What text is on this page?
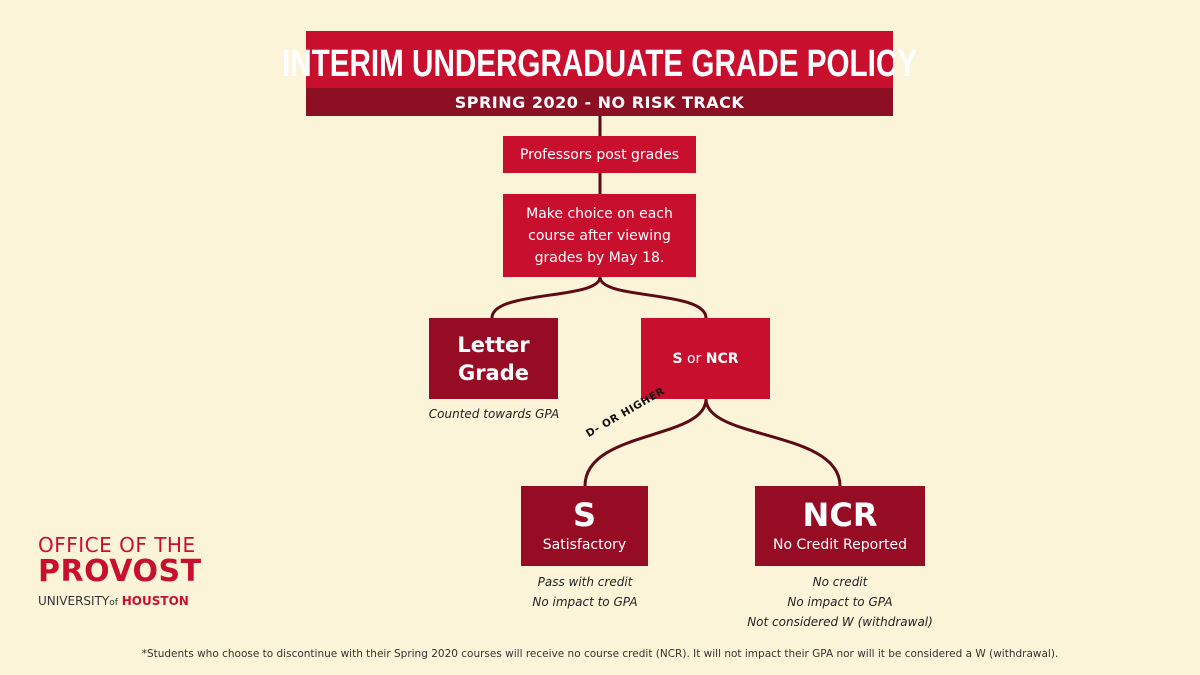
INTERIM UNDERGRADUATE GRADE POLICY
SPRING 2020 - NO RISK TRACK
Professors post grades
Make choice on each course after viewing grades by May 18.
Letter
Grade
Counted towards GPA
S or NCR
D- OR HIGHER
S
Satisfactory
Pass with credit
No impact to GPA
NCR
No Credit Reported
No credit
No impact to GPA
Not considered W (withdrawal)
OFFICE OF THE
PROVOST
UNIVERSITYof HOUSTON
*Students who choose to discontinue with their Spring 2020 courses will receive no course credit (NCR). It will not impact their GPA nor will it be considered a W (withdrawal).
